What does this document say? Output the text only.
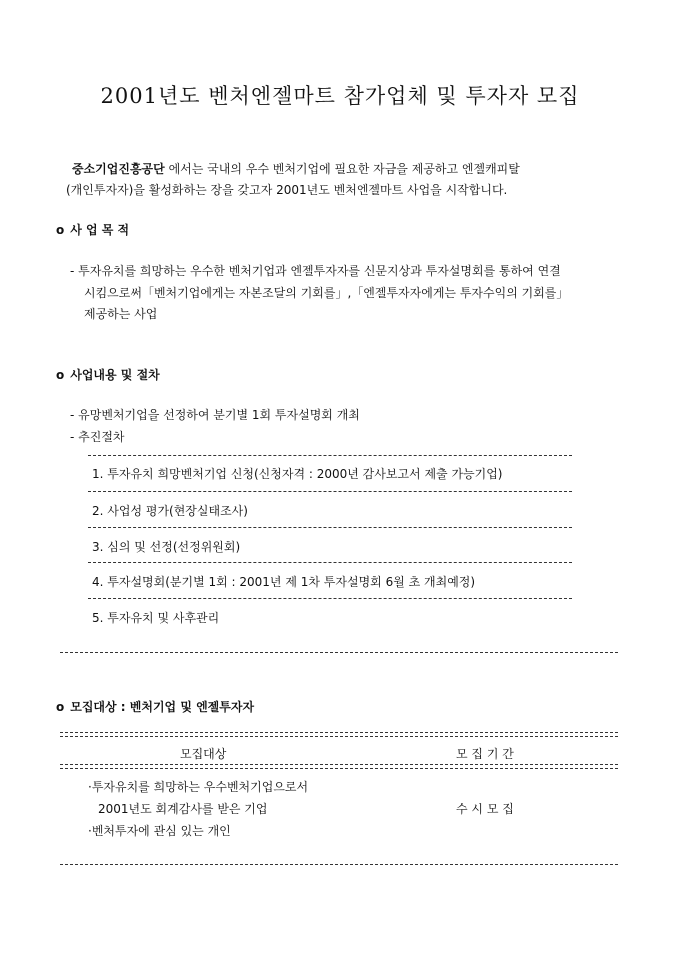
2001년도 벤처엔젤마트 참가업체 및 투자자 모집
중소기업진흥공단 에서는 국내의 우수 벤처기업에 필요한 자금을 제공하고 엔젤캐피탈
(개인투자자)을 활성화하는 장을 갖고자 2001년도 벤처엔젤마트 사업을 시작합니다.
o 사 업 목 적
- 투자유치를 희망하는 우수한 벤처기업과 엔젤투자자를 신문지상과 투자설명회를 통하여 연결
시킴으로써「벤처기업에게는 자본조달의 기회를」,「엔젤투자자에게는 투자수익의 기회를」
제공하는 사업
o 사업내용 및 절차
- 유망벤처기업을 선정하여 분기별 1회 투자설명회 개최
- 추진절차
1. 투자유치 희망벤처기업 신청(신청자격 : 2000년 감사보고서 제출 가능기업)
2. 사업성 평가(현장실태조사)
3. 심의 및 선정(선정위원회)
4. 투자설명회(분기별 1회 : 2001년 제 1차 투자설명회 6월 초 개최예정)
5. 투자유치 및 사후관리
o 모집대상 : 벤처기업 및 엔젤투자자
모집대상	모 집 기 간
·투자유치를 희망하는 우수벤처기업으로서
2001년도 회계감사를 받은 기업
·벤처투자에 관심 있는 개인
수 시 모 집
